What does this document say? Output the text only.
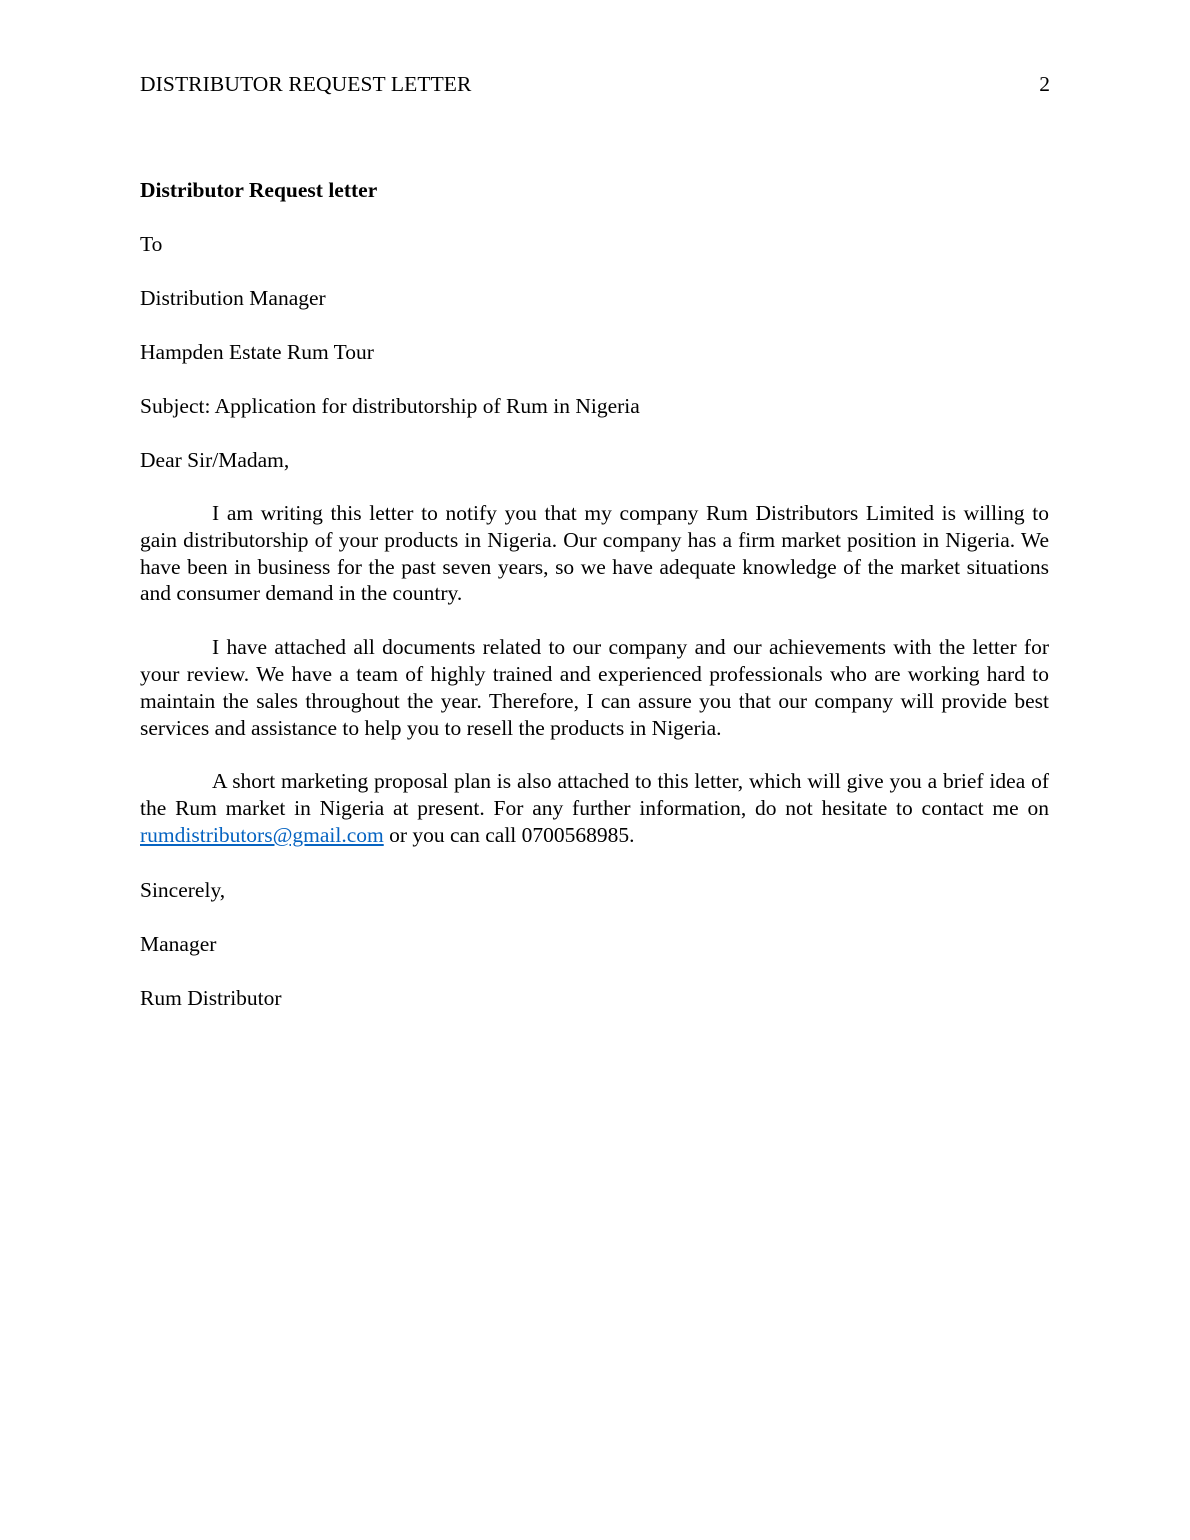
DISTRIBUTOR REQUEST LETTER	2

Distributor Request letter

To

Distribution Manager

Hampden Estate Rum Tour

Subject: Application for distributorship of Rum in Nigeria

Dear Sir/Madam,

I am writing this letter to notify you that my company Rum Distributors Limited is willing to gain distributorship of your products in Nigeria. Our company has a firm market position in Nigeria. We have been in business for the past seven years, so we have adequate knowledge of the market situations and consumer demand in the country.

I have attached all documents related to our company and our achievements with the letter for your review. We have a team of highly trained and experienced professionals who are working hard to maintain the sales throughout the year. Therefore, I can assure you that our company will provide best services and assistance to help you to resell the products in Nigeria.

A short marketing proposal plan is also attached to this letter, which will give you a brief idea of the Rum market in Nigeria at present. For any further information, do not hesitate to contact me on rumdistributors@gmail.com or you can call 0700568985.

Sincerely,

Manager

Rum Distributor
